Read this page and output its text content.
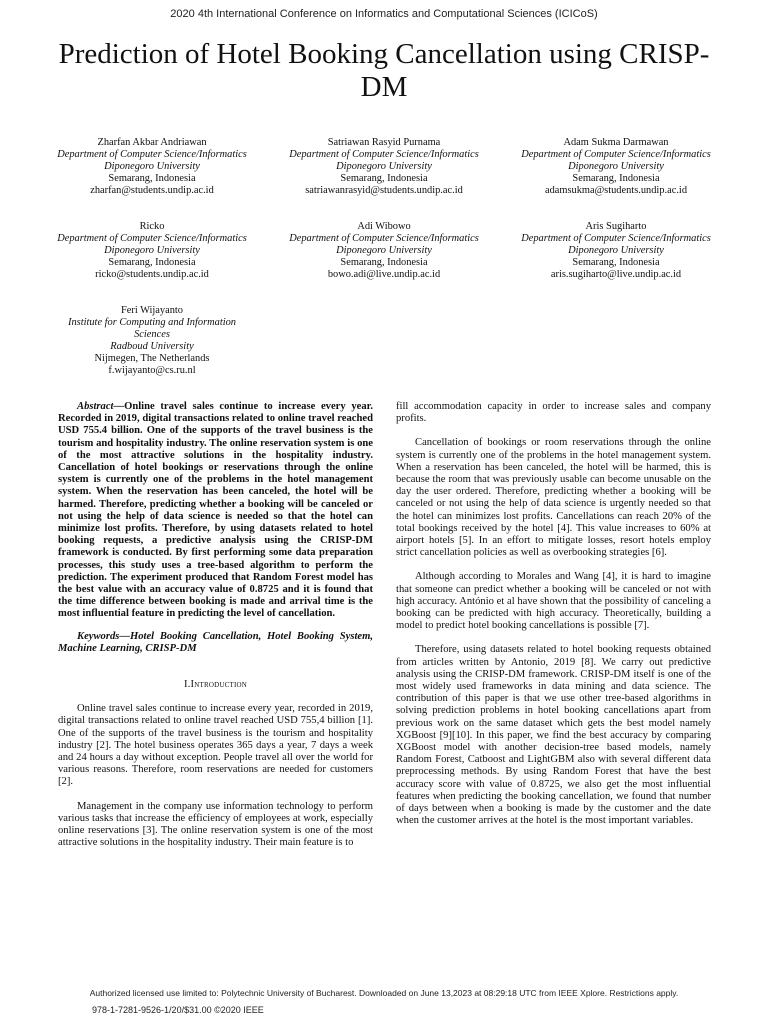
2020 4th International Conference on Informatics and Computational Sciences (ICICoS)
Prediction of Hotel Booking Cancellation using CRISP-DM
Zharfan Akbar Andriawan
Department of Computer Science/Informatics
Diponegoro University
Semarang, Indonesia
zharfan@students.undip.ac.id
Satriawan Rasyid Purnama
Department of Computer Science/Informatics
Diponegoro University
Semarang, Indonesia
satriawanrasyid@students.undip.ac.id
Adam Sukma Darmawan
Department of Computer Science/Informatics
Diponegoro University
Semarang, Indonesia
adamsukma@students.undip.ac.id
Ricko
Department of Computer Science/Informatics
Diponegoro University
Semarang, Indonesia
ricko@students.undip.ac.id
Adi Wibowo
Department of Computer Science/Informatics
Diponegoro University
Semarang, Indonesia
bowo.adi@live.undip.ac.id
Aris Sugiharto
Department of Computer Science/Informatics
Diponegoro University
Semarang, Indonesia
aris.sugiharto@live.undip.ac.id
Feri Wijayanto
Institute for Computing and Information Sciences
Radboud University
Nijmegen, The Netherlands
f.wijayanto@cs.ru.nl

Abstract—Online travel sales continue to increase every year. Recorded in 2019, digital transactions related to online travel reached USD 755.4 billion. One of the supports of the travel business is the tourism and hospitality industry. The online reservation system is one of the most attractive solutions in the hospitality industry. Cancellation of hotel bookings or reservations through the online system is currently one of the problems in the hotel management system. When the reservation has been canceled, the hotel will be harmed. Therefore, predicting whether a booking will be canceled or not using the help of data science is needed so that the hotel can minimize lost profits. Therefore, by using datasets related to hotel booking requests, a predictive analysis using the CRISP-DM framework is conducted. By first performing some data preparation processes, this study uses a tree-based algorithm to perform the prediction. The experiment produced that Random Forest model has the best value with an accuracy value of 0.8725 and it is found that the time difference between booking is made and arrival time is the most influential feature in predicting the level of cancellation.

Keywords—Hotel Booking Cancellation, Hotel Booking System, Machine Learning, CRISP-DM

I.Introduction

Online travel sales continue to increase every year, recorded in 2019, digital transactions related to online travel reached USD 755,4 billion [1]. One of the supports of the travel business is the tourism and hospitality industry [2]. The hotel business operates 365 days a year, 7 days a week and 24 hours a day without exception. People travel all over the world for various reasons. Therefore, room reservations are needed for customers [2].

Management in the company use information technology to perform various tasks that increase the efficiency of employees at work, especially online reservations [3]. The online reservation system is one of the most attractive solutions in the hospitality industry. Their main feature is to

fill accommodation capacity in order to increase sales and company profits.

Cancellation of bookings or room reservations through the online system is currently one of the problems in the hotel management system. When a reservation has been canceled, the hotel will be harmed, this is because the room that was previously usable can become unusable on the day the user ordered. Therefore, predicting whether a booking will be canceled or not using the help of data science is urgently needed so that the hotel can minimizes lost profits. Cancellations can reach 20% of the total bookings received by the hotel [4]. This value increases to 60% at airport hotels [5]. In an effort to mitigate losses, resort hotels employ strict cancellation policies as well as overbooking strategies [6].

Although according to Morales and Wang [4], it is hard to imagine that someone can predict whether a booking will be canceled or not with high accuracy. António et al have shown that the possibility of canceling a booking can be predicted with high accuracy. Theoretically, building a model to predict hotel booking cancellations is possible [7].

Therefore, using datasets related to hotel booking requests obtained from articles written by Antonio, 2019 [8]. We carry out predictive analysis using the CRISP-DM framework. CRISP-DM itself is one of the most widely used frameworks in data mining and data science. The contribution of this paper is that we use other tree-based algorithms in solving prediction problems in hotel booking cancellations apart from previous work on the same dataset which gets the best model namely XGBoost [9][10]. In this paper, we find the best accuracy by comparing XGBoost model with another decision-tree based models, namely Random Forest, Catboost and LightGBM also with several different data preprocessing methods. By using Random Forest that have the best accuracy score with value of 0.8725, we also get the most influential features when predicting the booking cancellation, we found that number of days between when a booking is made by the customer and the date when the customer arrives at the hotel is the most important variables.

Authorized licensed use limited to: Polytechnic University of Bucharest. Downloaded on June 13,2023 at 08:29:18 UTC from IEEE Xplore. Restrictions apply.
978-1-7281-9526-1/20/$31.00 ©2020 IEEE
